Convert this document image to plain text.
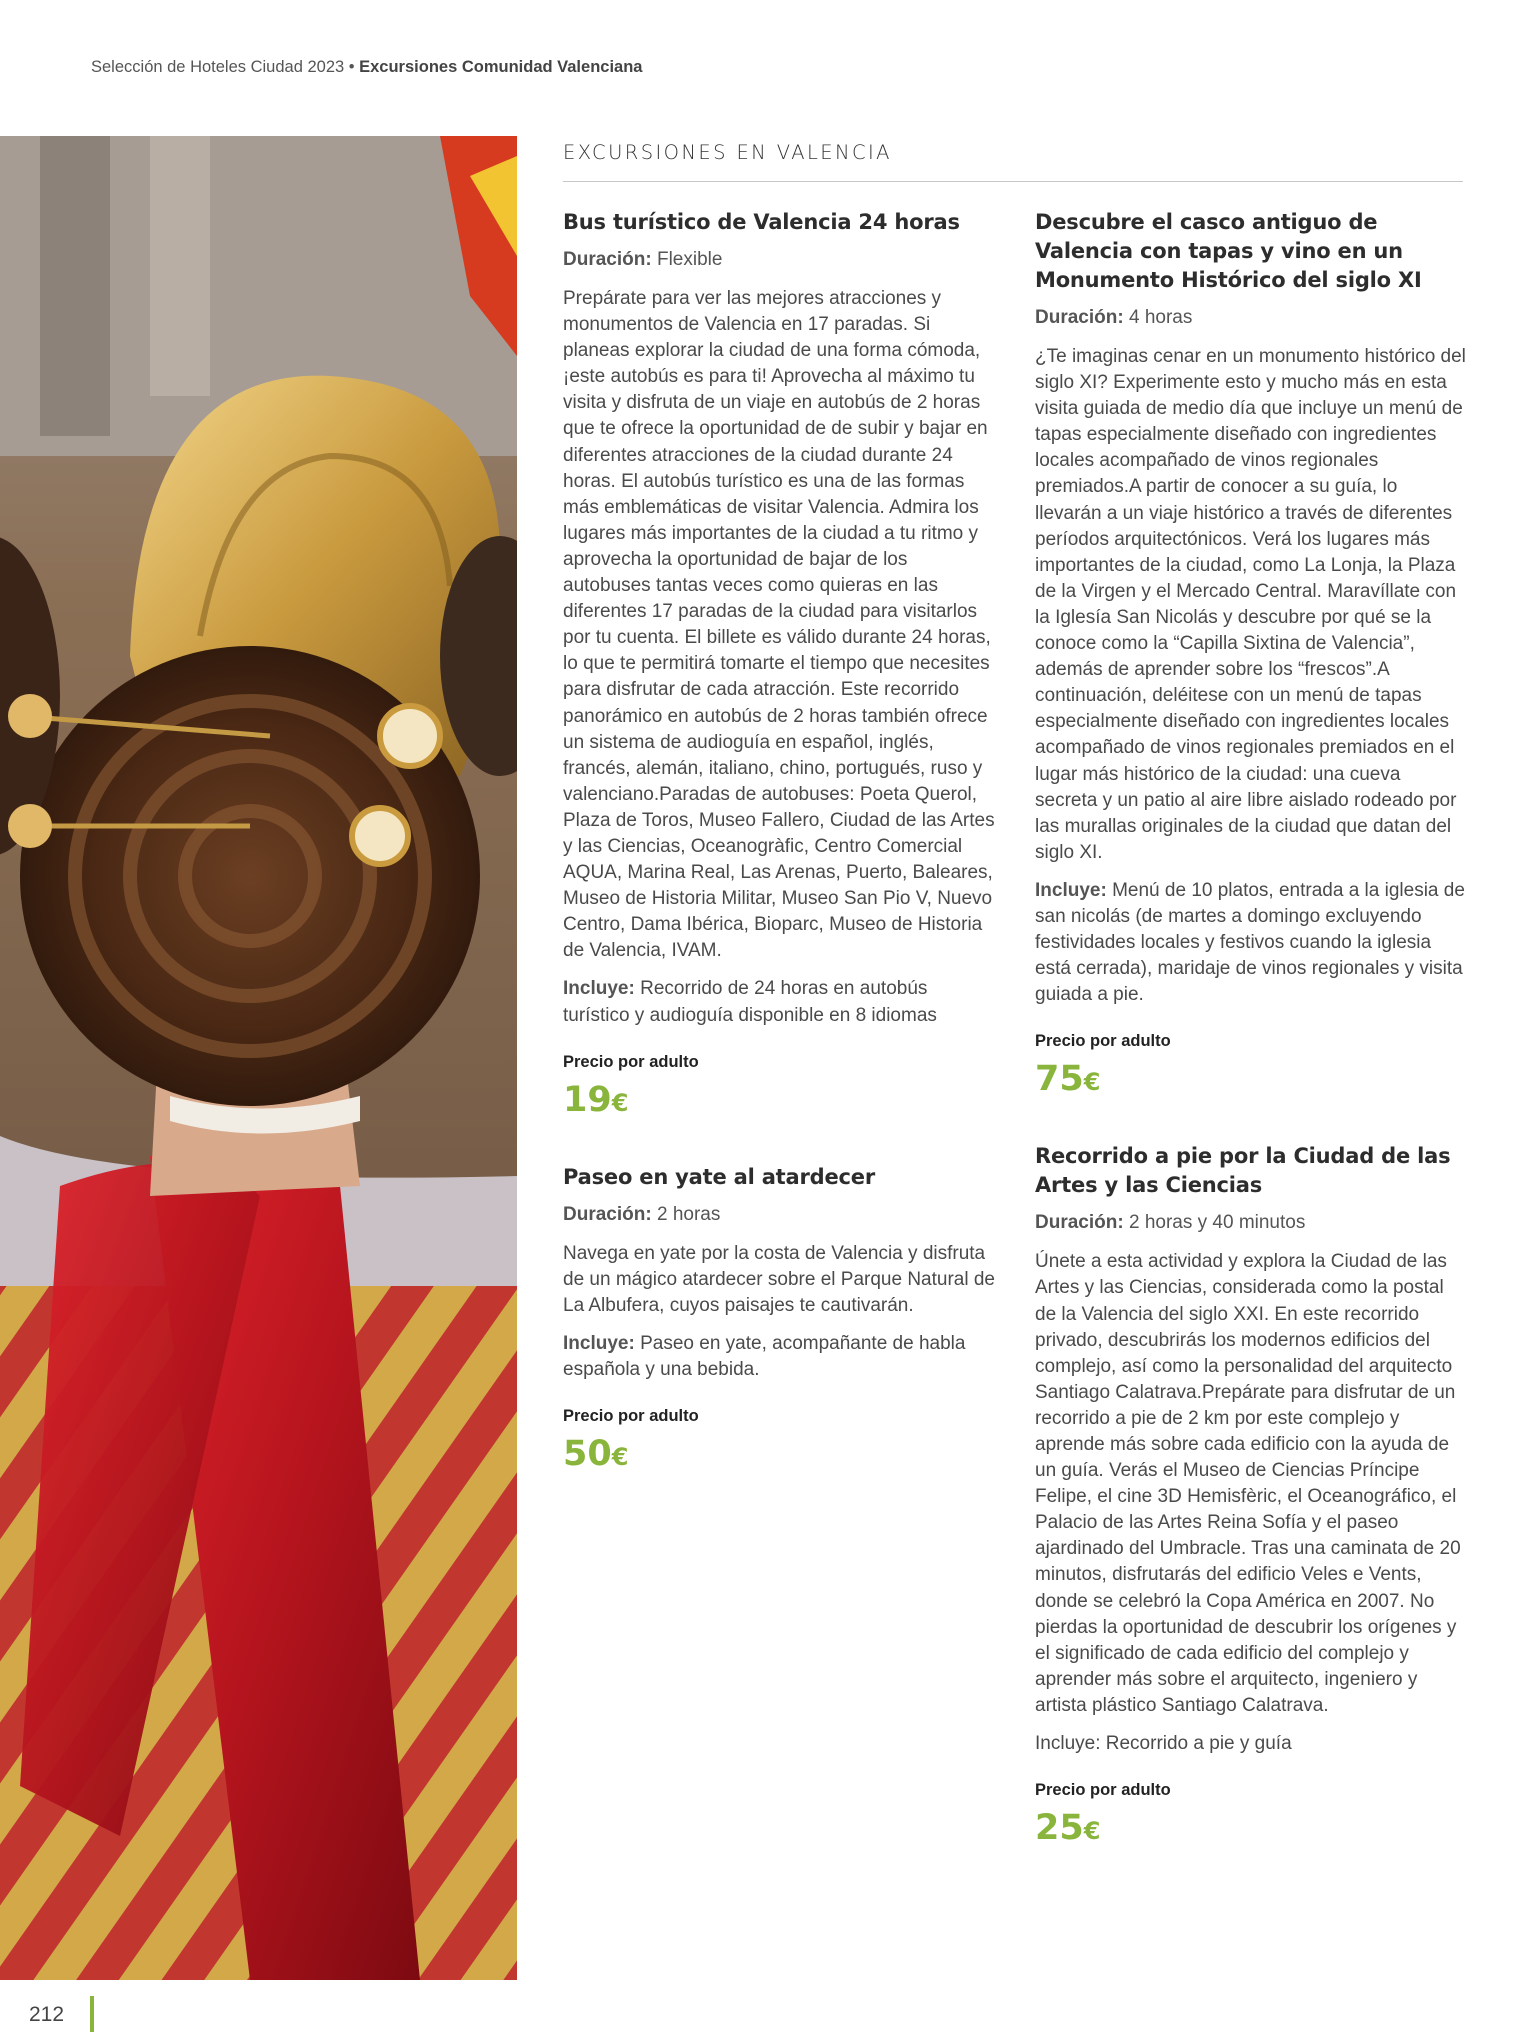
Selección de Hoteles Ciudad 2023 • Excursiones Comunidad Valenciana
EXCURSIONES EN VALENCIA

Bus turístico de Valencia 24 horas

Duración: Flexible

Prepárate para ver las mejores atracciones y monumentos de Valencia en 17 paradas. Si planeas explorar la ciudad de una forma cómoda, ¡este autobús es para ti! Aprovecha al máximo tu visita y disfruta de un viaje en autobús de 2 horas que te ofrece la oportunidad de de subir y bajar en diferentes atracciones de la ciudad durante 24 horas. El autobús turístico es una de las formas más emblemáticas de visitar Valencia. Admira los lugares más importantes de la ciudad a tu ritmo y aprovecha la oportunidad de bajar de los autobuses tantas veces como quieras en las diferentes 17 paradas de la ciudad para visitarlos por tu cuenta. El billete es válido durante 24 horas, lo que te permitirá tomarte el tiempo que necesites para disfrutar de cada atracción. Este recorrido panorámico en autobús de 2 horas también ofrece un sistema de audioguía en español, inglés, francés, alemán, italiano, chino, portugués, ruso y valenciano.Paradas de autobuses: Poeta Querol, Plaza de Toros, Museo Fallero, Ciudad de las Artes y las Ciencias, Oceanogràfic, Centro Comercial AQUA, Marina Real, Las Arenas, Puerto, Baleares, Museo de Historia Militar, Museo San Pio V, Nuevo Centro, Dama Ibérica, Bioparc, Museo de Historia de Valencia, IVAM.

Incluye: Recorrido de 24 horas en autobús turístico y audioguía disponible en 8 idiomas

Precio por adulto

19€

Paseo en yate al atardecer

Duración: 2 horas

Navega en yate por la costa de Valencia y disfruta de un mágico atardecer sobre el Parque Natural de La Albufera, cuyos paisajes te cautivarán.

Incluye: Paseo en yate, acompañante de habla española y una bebida.

Precio por adulto

50€

Descubre el casco antiguo de Valencia con tapas y vino en un Monumento Histórico del siglo XI

Duración: 4 horas

¿Te imaginas cenar en un monumento histórico del siglo XI? Experimente esto y mucho más en esta visita guiada de medio día que incluye un menú de tapas especialmente diseñado con ingredientes locales acompañado de vinos regionales premiados.A partir de conocer a su guía, lo llevarán a un viaje histórico a través de diferentes períodos arquitectónicos. Verá los lugares más importantes de la ciudad, como La Lonja, la Plaza de la Virgen y el Mercado Central. Maravíllate con la Iglesía San Nicolás y descubre por qué se la conoce como la “Capilla Sixtina de Valencia”, además de aprender sobre los “frescos”.A continuación, deléitese con un menú de tapas especialmente diseñado con ingredientes locales acompañado de vinos regionales premiados en el lugar más histórico de la ciudad: una cueva secreta y un patio al aire libre aislado rodeado por las murallas originales de la ciudad que datan del siglo XI.

Incluye: Menú de 10 platos, entrada a la iglesia de san nicolás (de martes a domingo excluyendo festividades locales y festivos cuando la iglesia está cerrada), maridaje de vinos regionales y visita guiada a pie.

Precio por adulto

75€

Recorrido a pie por la Ciudad de las Artes y las Ciencias

Duración: 2 horas y 40 minutos

Únete a esta actividad y explora la Ciudad de las Artes y las Ciencias, considerada como la postal de la Valencia del siglo XXI. En este recorrido privado, descubrirás los modernos edificios del complejo, así como la personalidad del arquitecto Santiago Calatrava.Prepárate para disfrutar de un recorrido a pie de 2 km por este complejo y aprende más sobre cada edificio con la ayuda de un guía. Verás el Museo de Ciencias Príncipe Felipe, el cine 3D Hemisfèric, el Oceanográfico, el Palacio de las Artes Reina Sofía y el paseo ajardinado del Umbracle. Tras una caminata de 20 minutos, disfrutarás del edificio Veles e Vents, donde se celebró la Copa América en 2007. No pierdas la oportunidad de descubrir los orígenes y el significado de cada edificio del complejo y aprender más sobre el arquitecto, ingeniero y artista plástico Santiago Calatrava.

Incluye: Recorrido a pie y guía

Precio por adulto

25€

212
